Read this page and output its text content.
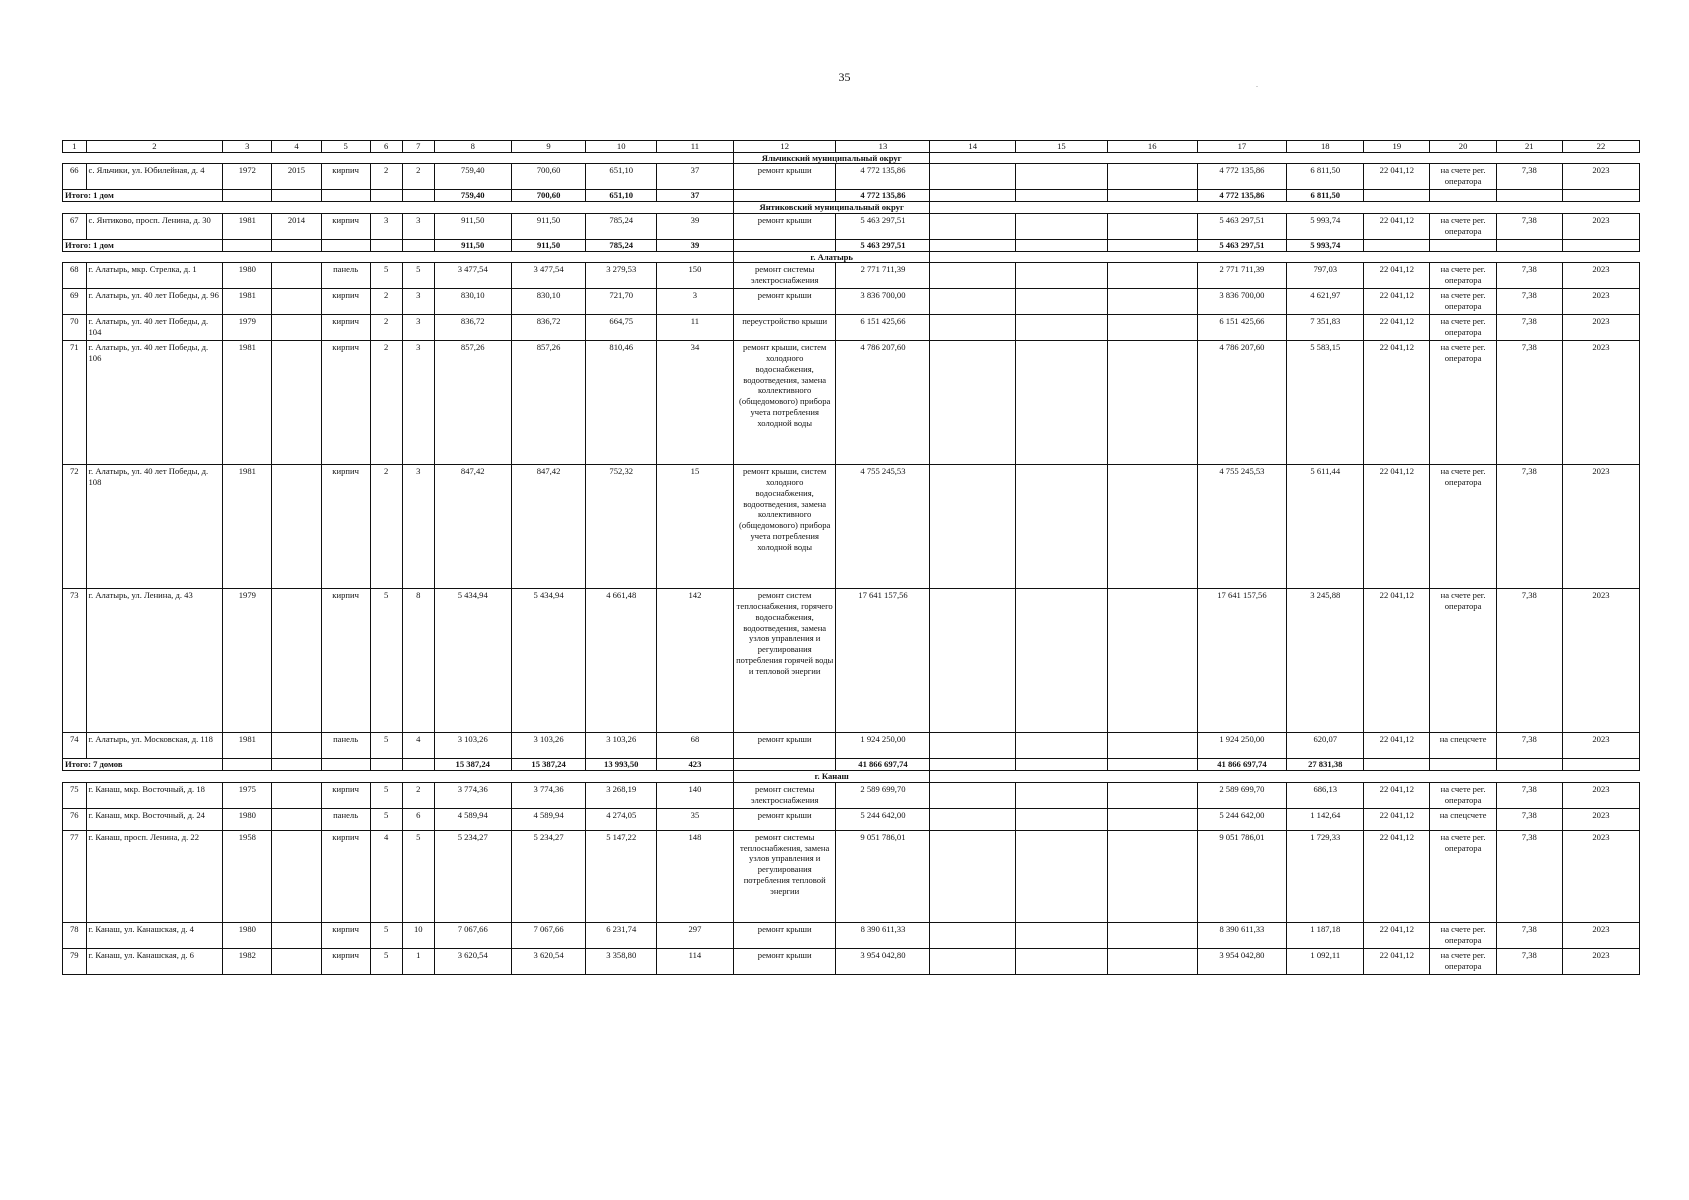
35
.
1	2	3	4	5	6	7	8	9	10	11	12	13	14	15	16	17	18	19	20	21	22
											Яльчикский муниципальный округ										
66	с. Яльчики, ул. Юбилейная, д. 4	1972	2015	кирпич	2	2	759,40	700,60	651,10	37	ремонт крыши	4 772 135,86				4 772 135,86	6 811,50	22 041,12	на счете рег. оператора	7,38	2023
Итого: 1 дом							759,40	700,60	651,10	37		4 772 135,86				4 772 135,86	6 811,50				
											Янтиковский муниципальный округ										
67	с. Янтиково, просп. Ленина, д. 30	1981	2014	кирпич	3	3	911,50	911,50	785,24	39	ремонт крыши	5 463 297,51				5 463 297,51	5 993,74	22 041,12	на счете рег. оператора	7,38	2023
Итого: 1 дом							911,50	911,50	785,24	39		5 463 297,51				5 463 297,51	5 993,74				
											г. Алатырь										
68	г. Алатырь, мкр. Стрелка, д. 1	1980		панель	5	5	3 477,54	3 477,54	3 279,53	150	ремонт системы электроснабжения	2 771 711,39				2 771 711,39	797,03	22 041,12	на счете рег. оператора	7,38	2023
69	г. Алатырь, ул. 40 лет Победы, д. 96	1981		кирпич	2	3	830,10	830,10	721,70	3	ремонт крыши	3 836 700,00				3 836 700,00	4 621,97	22 041,12	на счете рег. оператора	7,38	2023
70	г. Алатырь, ул. 40 лет Победы, д. 104	1979		кирпич	2	3	836,72	836,72	664,75	11	переустройство крыши	6 151 425,66				6 151 425,66	7 351,83	22 041,12	на счете рег. оператора	7,38	2023
71	г. Алатырь, ул. 40 лет Победы, д. 106	1981		кирпич	2	3	857,26	857,26	810,46	34	ремонт крыши, систем холодного водоснабжения, водоотведения, замена коллективного (общедомового) прибора учета потребления холодной воды	4 786 207,60				4 786 207,60	5 583,15	22 041,12	на счете рег. оператора	7,38	2023
72	г. Алатырь, ул. 40 лет Победы, д. 108	1981		кирпич	2	3	847,42	847,42	752,32	15	ремонт крыши, систем холодного водоснабжения, водоотведения, замена коллективного (общедомового) прибора учета потребления холодной воды	4 755 245,53				4 755 245,53	5 611,44	22 041,12	на счете рег. оператора	7,38	2023
73	г. Алатырь, ул. Ленина, д. 43	1979		кирпич	5	8	5 434,94	5 434,94	4 661,48	142	ремонт систем теплоснабжения, горячего водоснабжения, водоотведения, замена узлов управления и регулирования потребления горячей воды и тепловой энергии	17 641 157,56				17 641 157,56	3 245,88	22 041,12	на счете рег. оператора	7,38	2023
74	г. Алатырь, ул. Московская, д. 118	1981		панель	5	4	3 103,26	3 103,26	3 103,26	68	ремонт крыши	1 924 250,00				1 924 250,00	620,07	22 041,12	на спецсчете	7,38	2023
Итого: 7 домов							15 387,24	15 387,24	13 993,50	423		41 866 697,74				41 866 697,74	27 831,38				
											г. Канаш										
75	г. Канаш, мкр. Восточный, д. 18	1975		кирпич	5	2	3 774,36	3 774,36	3 268,19	140	ремонт системы электроснабжения	2 589 699,70				2 589 699,70	686,13	22 041,12	на счете рег. оператора	7,38	2023
76	г. Канаш, мкр. Восточный, д. 24	1980		панель	5	6	4 589,94	4 589,94	4 274,05	35	ремонт крыши	5 244 642,00				5 244 642,00	1 142,64	22 041,12	на спецсчете	7,38	2023
77	г. Канаш, просп. Ленина, д. 22	1958		кирпич	4	5	5 234,27	5 234,27	5 147,22	148	ремонт системы теплоснабжения, замена узлов управления и регулирования потребления тепловой энергии	9 051 786,01				9 051 786,01	1 729,33	22 041,12	на счете рег. оператора	7,38	2023
78	г. Канаш, ул. Канашская, д. 4	1980		кирпич	5	10	7 067,66	7 067,66	6 231,74	297	ремонт крыши	8 390 611,33				8 390 611,33	1 187,18	22 041,12	на счете рег. оператора	7,38	2023
79	г. Канаш, ул. Канашская, д. 6	1982		кирпич	5	1	3 620,54	3 620,54	3 358,80	114	ремонт крыши	3 954 042,80				3 954 042,80	1 092,11	22 041,12	на счете рег. оператора	7,38	2023
